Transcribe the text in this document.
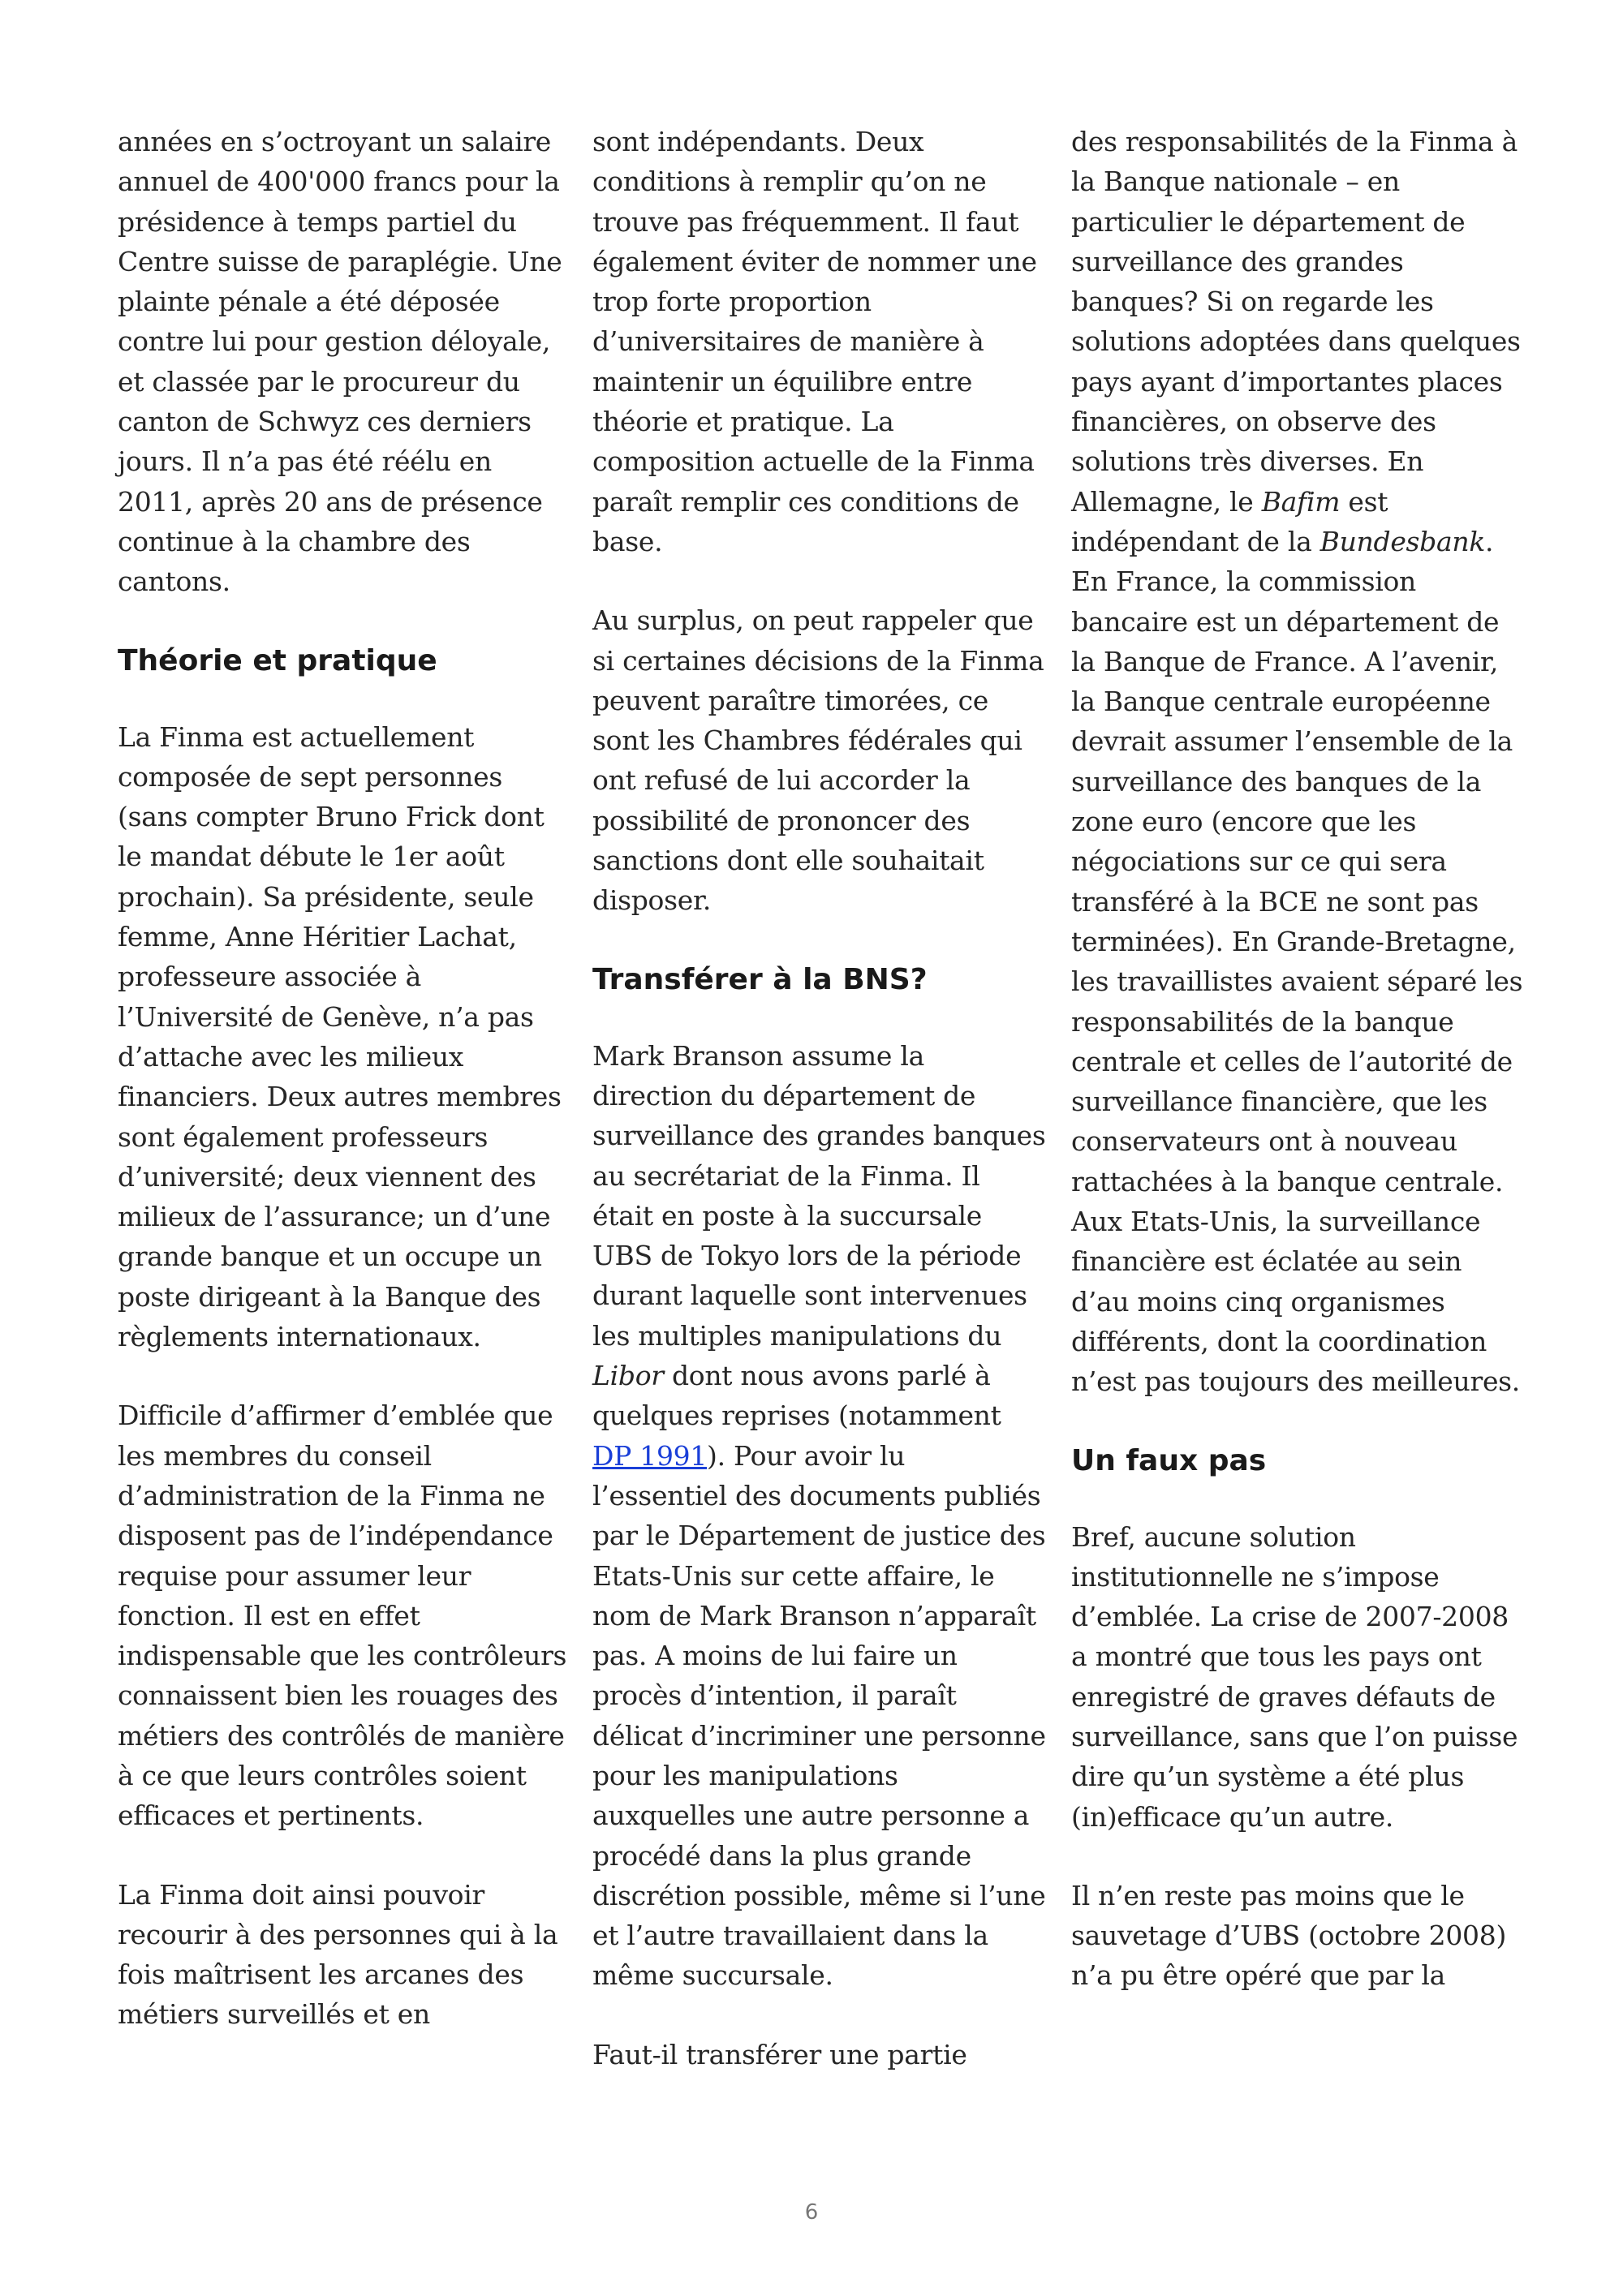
années en s’octroyant un salaire annuel de 400'000 francs pour la présidence à temps partiel du Centre suisse de paraplégie. Une plainte pénale a été déposée contre lui pour gestion déloyale, et classée par le procureur du canton de Schwyz ces derniers jours. Il n’a pas été réélu en 2011, après 20 ans de présence continue à la chambre des cantons.

Théorie et pratique

La Finma est actuellement composée de sept personnes (sans compter Bruno Frick dont le mandat débute le 1er août prochain). Sa présidente, seule femme, Anne Héritier Lachat, professeure associée à l’Université de Genève, n’a pas d’attache avec les milieux financiers. Deux autres membres sont également professeurs d’université; deux viennent des milieux de l’assurance; un d’une grande banque et un occupe un poste dirigeant à la Banque des règlements internationaux.

Difficile d’affirmer d’emblée que les membres du conseil d’administration de la Finma ne disposent pas de l’indépendance requise pour assumer leur fonction. Il est en effet indispensable que les contrôleurs connaissent bien les rouages des métiers des contrôlés de manière à ce que leurs contrôles soient efficaces et pertinents.

La Finma doit ainsi pouvoir recourir à des personnes qui à la fois maîtrisent les arcanes des métiers surveillés et en

sont indépendants. Deux conditions à remplir qu’on ne trouve pas fréquemment. Il faut également éviter de nommer une trop forte proportion d’universitaires de manière à maintenir un équilibre entre théorie et pratique. La composition actuelle de la Finma paraît remplir ces conditions de base.

Au surplus, on peut rappeler que si certaines décisions de la Finma peuvent paraître timorées, ce sont les Chambres fédérales qui ont refusé de lui accorder la possibilité de prononcer des sanctions dont elle souhaitait disposer.

Transférer à la BNS?

Mark Branson assume la direction du département de surveillance des grandes banques au secrétariat de la Finma. Il était en poste à la succursale UBS de Tokyo lors de la période durant laquelle sont intervenues les multiples manipulations du Libor dont nous avons parlé à quelques reprises (notamment DP 1991). Pour avoir lu l’essentiel des documents publiés par le Département de justice des Etats-Unis sur cette affaire, le nom de Mark Branson n’apparaît pas. A moins de lui faire un procès d’intention, il paraît délicat d’incriminer une personne pour les manipulations auxquelles une autre personne a procédé dans la plus grande discrétion possible, même si l’une et l’autre travaillaient dans la même succursale.

Faut-il transférer une partie

des responsabilités de la Finma à la Banque nationale – en particulier le département de surveillance des grandes banques? Si on regarde les solutions adoptées dans quelques pays ayant d’importantes places financières, on observe des solutions très diverses. En Allemagne, le Bafim est indépendant de la Bundesbank. En France, la commission bancaire est un département de la Banque de France. A l’avenir, la Banque centrale européenne devrait assumer l’ensemble de la surveillance des banques de la zone euro (encore que les négociations sur ce qui sera transféré à la BCE ne sont pas terminées). En Grande-Bretagne, les travaillistes avaient séparé les responsabilités de la banque centrale et celles de l’autorité de surveillance financière, que les conservateurs ont à nouveau rattachées à la banque centrale. Aux Etats-Unis, la surveillance financière est éclatée au sein d’au moins cinq organismes différents, dont la coordination n’est pas toujours des meilleures.

Un faux pas

Bref, aucune solution institutionnelle ne s’impose d’emblée. La crise de 2007-2008 a montré que tous les pays ont enregistré de graves défauts de surveillance, sans que l’on puisse dire qu’un système a été plus (in)efficace qu’un autre.

Il n’en reste pas moins que le sauvetage d’UBS (octobre 2008) n’a pu être opéré que par la

6
